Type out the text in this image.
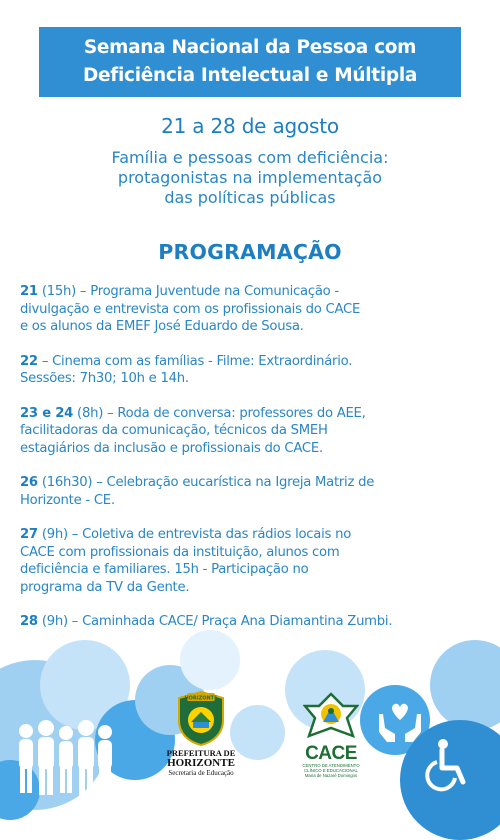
Semana Nacional da Pessoa com
Deficiência Intelectual e Múltipla
21 a 28 de agosto
Família e pessoas com deficiência:
protagonistas na implementação
das políticas públicas
PROGRAMAÇÃO
21 (15h) – Programa Juventude na Comunicação -
divulgação e entrevista com os profissionais do CACE
e os alunos da EMEF José Eduardo de Sousa.
22 – Cinema com as famílias - Filme: Extraordinário.
Sessões: 7h30; 10h e 14h.
23 e 24 (8h) – Roda de conversa: professores do AEE,
facilitadoras da comunicação, técnicos da SMEH
estagiários da inclusão e profissionais do CACE.
26 (16h30) – Celebração eucarística na Igreja Matriz de
Horizonte - CE.
27 (9h) – Coletiva de entrevista das rádios locais no
CACE com profissionais da instituição, alunos com
deficiência e familiares. 15h - Participação no
programa da TV da Gente.
28 (9h) – Caminhada CACE/ Praça Ana Diamantina Zumbi.
HORIZONTE
PREFEITURA DE
HORIZONTE
Secretaria de Educação
CACE
CENTRO DE ATENDIMENTO
CLÍNICO E EDUCACIONAL
Maria de Nazaré Domingos
